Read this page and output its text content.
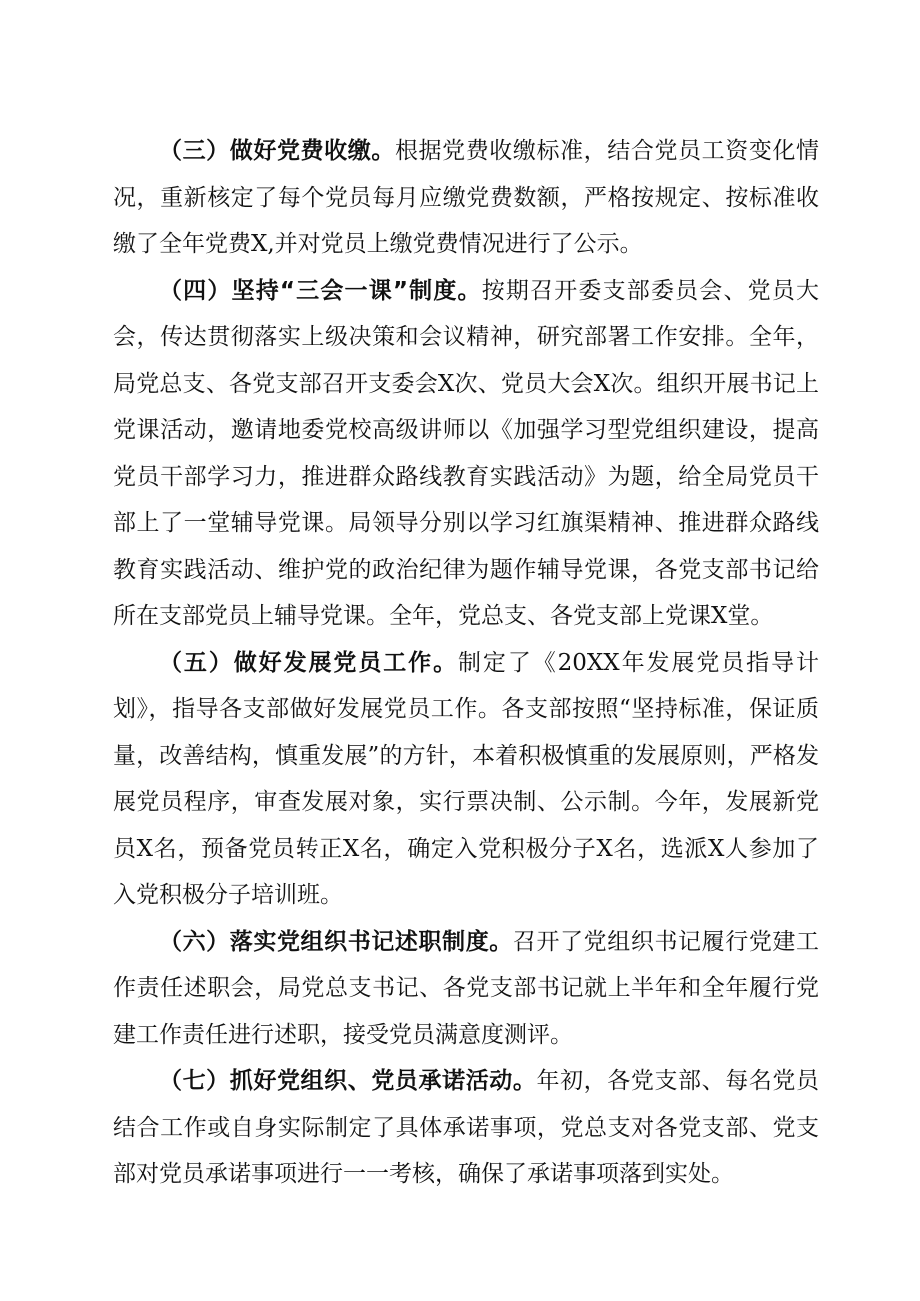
（三）做好党费收缴。根据党费收缴标准，结合党员工资变化情况，重新核定了每个党员每月应缴党费数额，严格按规定、按标准收缴了全年党费X,并对党员上缴党费情况进行了公示。

（四）坚持“三会一课”制度。按期召开委支部委员会、党员大会，传达贯彻落实上级决策和会议精神，研究部署工作安排。全年，局党总支、各党支部召开支委会X次、党员大会X次。组织开展书记上党课活动，邀请地委党校高级讲师以《加强学习型党组织建设，提高党员干部学习力，推进群众路线教育实践活动》为题，给全局党员干部上了一堂辅导党课。局领导分别以学习红旗渠精神、推进群众路线教育实践活动、维护党的政治纪律为题作辅导党课，各党支部书记给所在支部党员上辅导党课。全年，党总支、各党支部上党课X堂。

（五）做好发展党员工作。制定了《20XX年发展党员指导计划》，指导各支部做好发展党员工作。各支部按照“坚持标准，保证质量，改善结构，慎重发展”的方针，本着积极慎重的发展原则，严格发展党员程序，审查发展对象，实行票决制、公示制。今年，发展新党员X名，预备党员转正X名，确定入党积极分子X名，选派X人参加了入党积极分子培训班。

（六）落实党组织书记述职制度。召开了党组织书记履行党建工作责任述职会，局党总支书记、各党支部书记就上半年和全年履行党建工作责任进行述职，接受党员满意度测评。

（七）抓好党组织、党员承诺活动。年初，各党支部、每名党员结合工作或自身实际制定了具体承诺事项，党总支对各党支部、党支部对党员承诺事项进行一一考核，确保了承诺事项落到实处。
